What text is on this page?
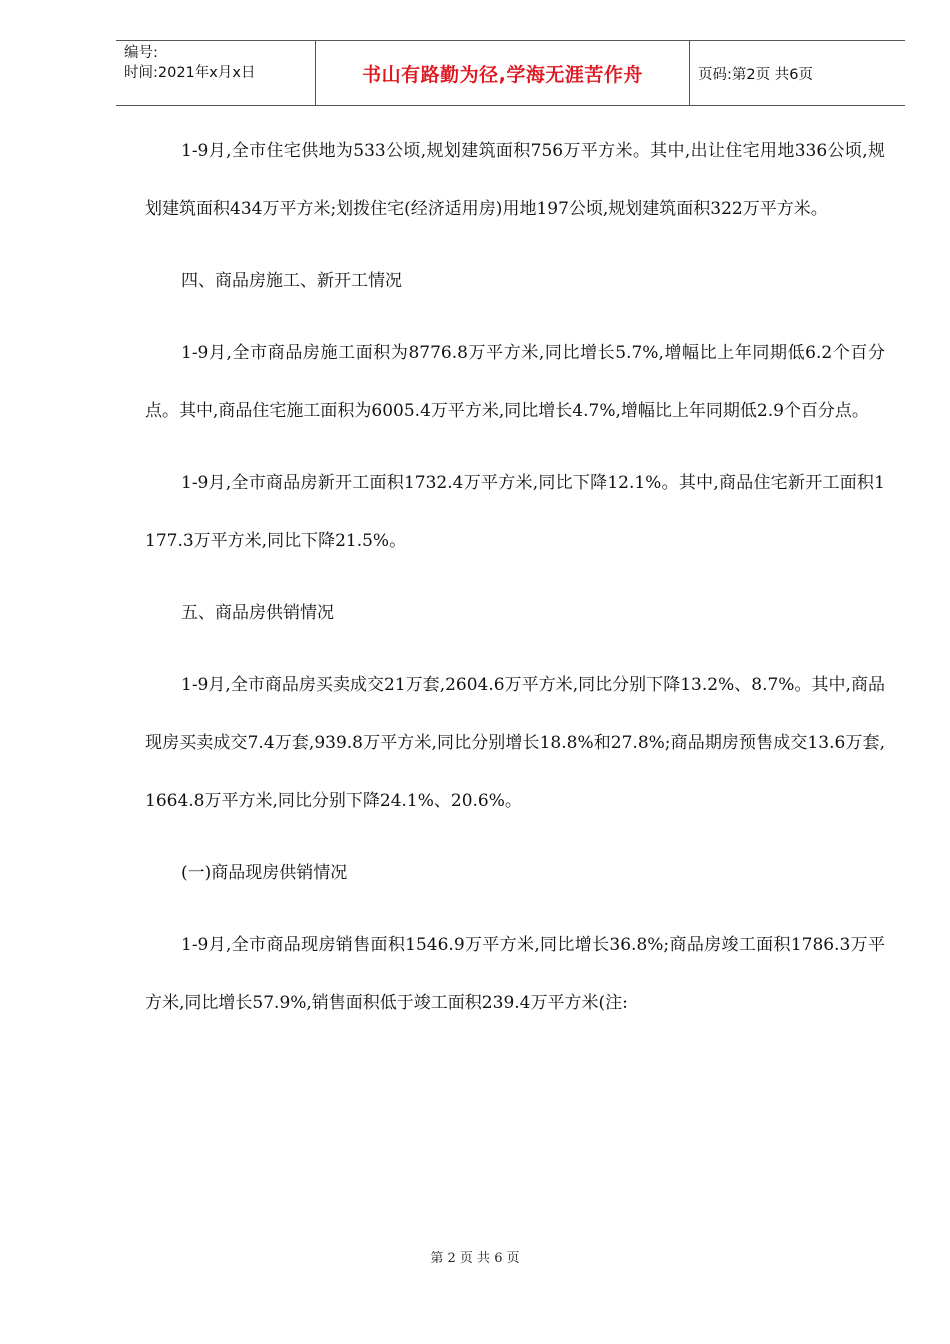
编号:
时间:2021年x月x日	书山有路勤为径,学海无涯苦作舟	页码:第2页 共6页

1-9月,全市住宅供地为533公顷,规划建筑面积756万平方米。其中,出让住宅用地336公顷,规划建筑面积434万平方米;划拨住宅(经济适用房)用地197公顷,规划建筑面积322万平方米。

四、商品房施工、新开工情况

1-9月,全市商品房施工面积为8776.8万平方米,同比增长5.7%,增幅比上年同期低6.2个百分点。其中,商品住宅施工面积为6005.4万平方米,同比增长4.7%,增幅比上年同期低2.9个百分点。

1-9月,全市商品房新开工面积1732.4万平方米,同比下降12.1%。其中,商品住宅新开工面积1177.3万平方米,同比下降21.5%。

五、商品房供销情况

1-9月,全市商品房买卖成交21万套,2604.6万平方米,同比分别下降13.2%、8.7%。其中,商品现房买卖成交7.4万套,939.8万平方米,同比分别增长18.8%和27.8%;商品期房预售成交13.6万套,1664.8万平方米,同比分别下降24.1%、20.6%。

(一)商品现房供销情况

1-9月,全市商品现房销售面积1546.9万平方米,同比增长36.8%;商品房竣工面积1786.3万平方米,同比增长57.9%,销售面积低于竣工面积239.4万平方米(注:

第 2 页 共 6 页
